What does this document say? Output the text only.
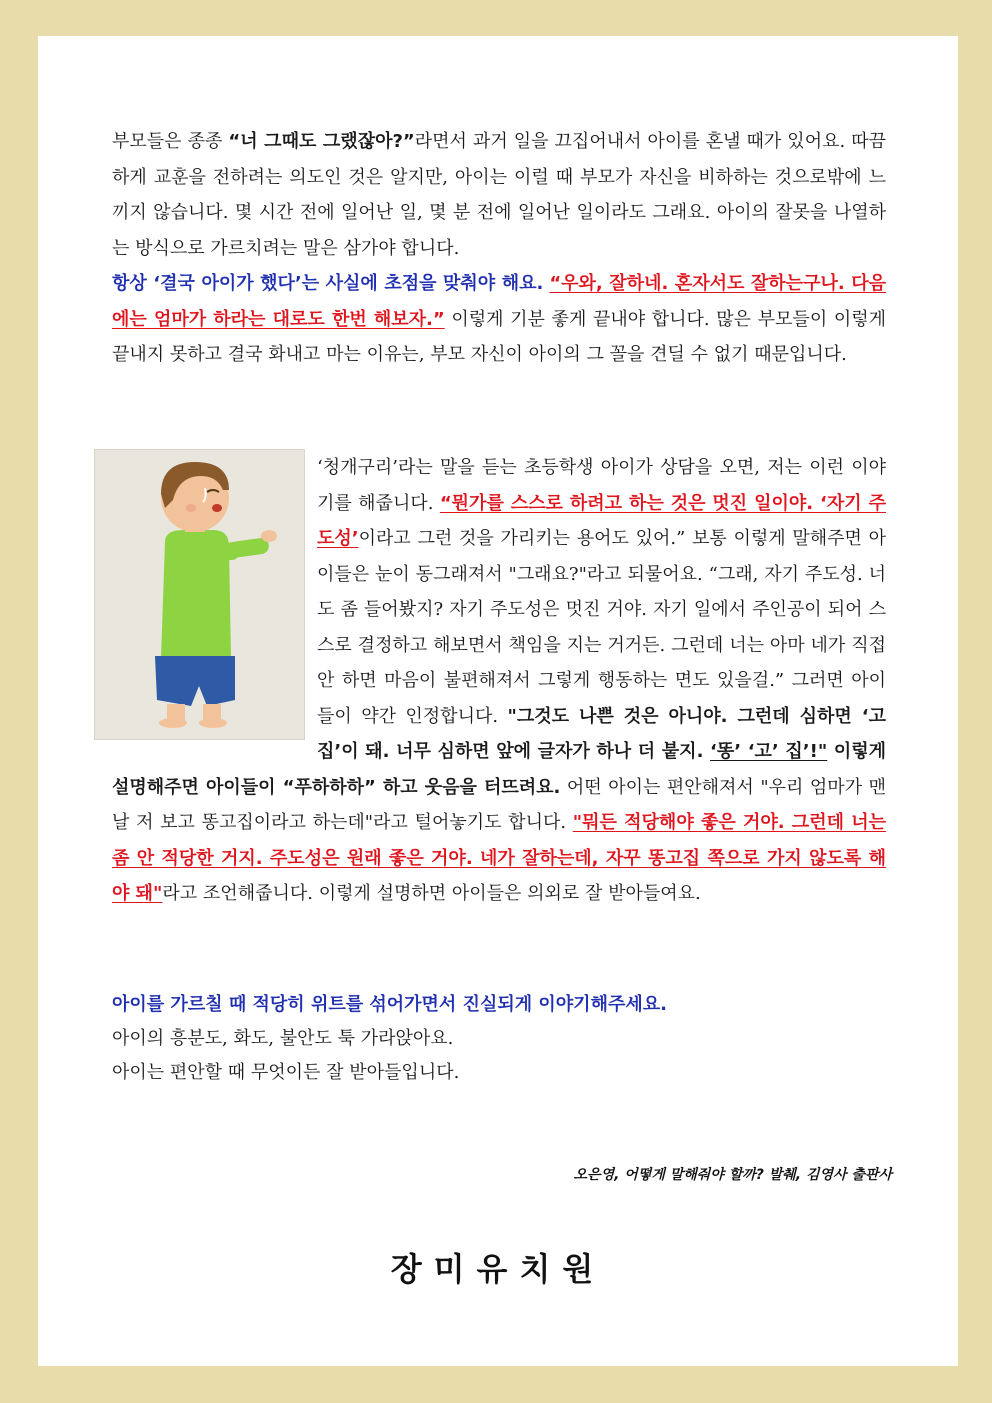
부모들은 종종 “너 그때도 그랬잖아?”라면서 과거 일을 끄집어내서 아이를 혼낼 때가 있어요. 따끔하게 교훈을 전하려는 의도인 것은 알지만, 아이는 이럴 때 부모가 자신을 비하하는 것으로밖에 느끼지 않습니다. 몇 시간 전에 일어난 일, 몇 분 전에 일어난 일이라도 그래요. 아이의 잘못을 나열하는 방식으로 가르치려는 말은 삼가야 합니다.
항상 ‘결국 아이가 했다’는 사실에 초점을 맞춰야 해요. “우와, 잘하네. 혼자서도 잘하는구나. 다음에는 엄마가 하라는 대로도 한번 해보자.” 이렇게 기분 좋게 끝내야 합니다. 많은 부모들이 이렇게 끝내지 못하고 결국 화내고 마는 이유는, 부모 자신이 아이의 그 꼴을 견딜 수 없기 때문입니다.

‘청개구리’라는 말을 듣는 초등학생 아이가 상담을 오면, 저는 이런 이야기를 해줍니다. “뭔가를 스스로 하려고 하는 것은 멋진 일이야. ‘자기 주도성’이라고 그런 것을 가리키는 용어도 있어.” 보통 이렇게 말해주면 아이들은 눈이 동그래져서 "그래요?"라고 되물어요. “그래, 자기 주도성. 너도 좀 들어봤지? 자기 주도성은 멋진 거야. 자기 일에서 주인공이 되어 스스로 결정하고 해보면서 책임을 지는 거거든. 그런데 너는 아마 네가 직접 안 하면 마음이 불편해져서 그렇게 행동하는 면도 있을걸.” 그러면 아이들이 약간 인정합니다. "그것도 나쁜 것은 아니야. 그런데 심하면 ‘고집’이 돼. 너무 심하면 앞에 글자가 하나 더 붙지. ‘똥’ ‘고’ 집’!" 이렇게 설명해주면 아이들이 “푸하하하” 하고 웃음을 터뜨려요. 어떤 아이는 편안해져서 "우리 엄마가 맨날 저 보고 똥고집이라고 하는데"라고 털어놓기도 합니다. "뭐든 적당해야 좋은 거야. 그런데 너는 좀 안 적당한 거지. 주도성은 원래 좋은 거야. 네가 잘하는데, 자꾸 똥고집 쪽으로 가지 않도록 해야 돼"라고 조언해줍니다. 이렇게 설명하면 아이들은 의외로 잘 받아들여요.
아이를 가르칠 때 적당히 위트를 섞어가면서 진실되게 이야기해주세요.
아이의 흥분도, 화도, 불안도 툭 가라앉아요.
아이는 편안할 때 무엇이든 잘 받아들입니다.
오은영, 어떻게 말해줘야 할까? 발췌, 김영사 출판사
장미유치원
